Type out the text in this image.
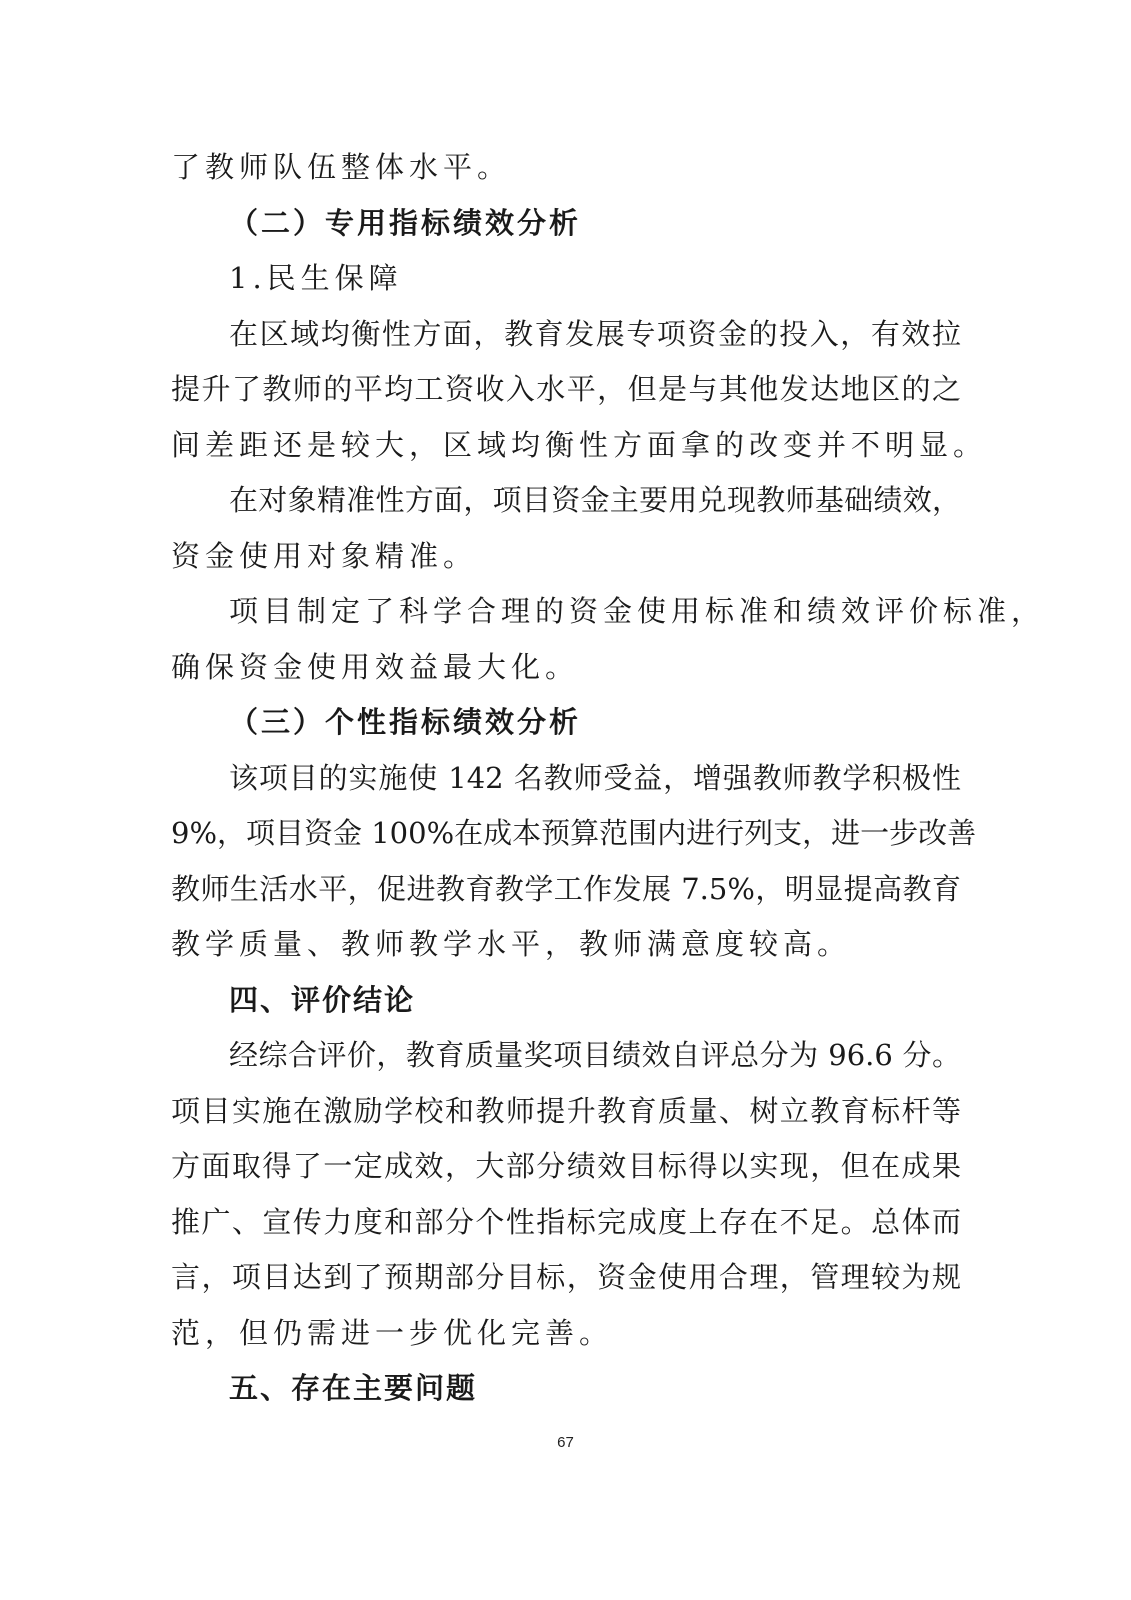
了教师队伍整体水平。
（二）专用指标绩效分析
1.民生保障
在区域均衡性方面，教育发展专项资金的投入，有效拉
提升了教师的平均工资收入水平，但是与其他发达地区的之
间差距还是较大，区域均衡性方面拿的改变并不明显。
在对象精准性方面，项目资金主要用兑现教师基础绩效，
资金使用对象精准。
项目制定了科学合理的资金使用标准和绩效评价标准，
确保资金使用效益最大化。
（三）个性指标绩效分析
该项目的实施使 142 名教师受益，增强教师教学积极性
9%，项目资金 100%在成本预算范围内进行列支，进一步改善
教师生活水平，促进教育教学工作发展 7.5%，明显提高教育
教学质量、教师教学水平，教师满意度较高。
四、评价结论
经综合评价，教育质量奖项目绩效自评总分为 96.6 分。
项目实施在激励学校和教师提升教育质量、树立教育标杆等
方面取得了一定成效，大部分绩效目标得以实现，但在成果
推广、宣传力度和部分个性指标完成度上存在不足。总体而
言，项目达到了预期部分目标，资金使用合理，管理较为规
范，但仍需进一步优化完善。
五、存在主要问题
67
